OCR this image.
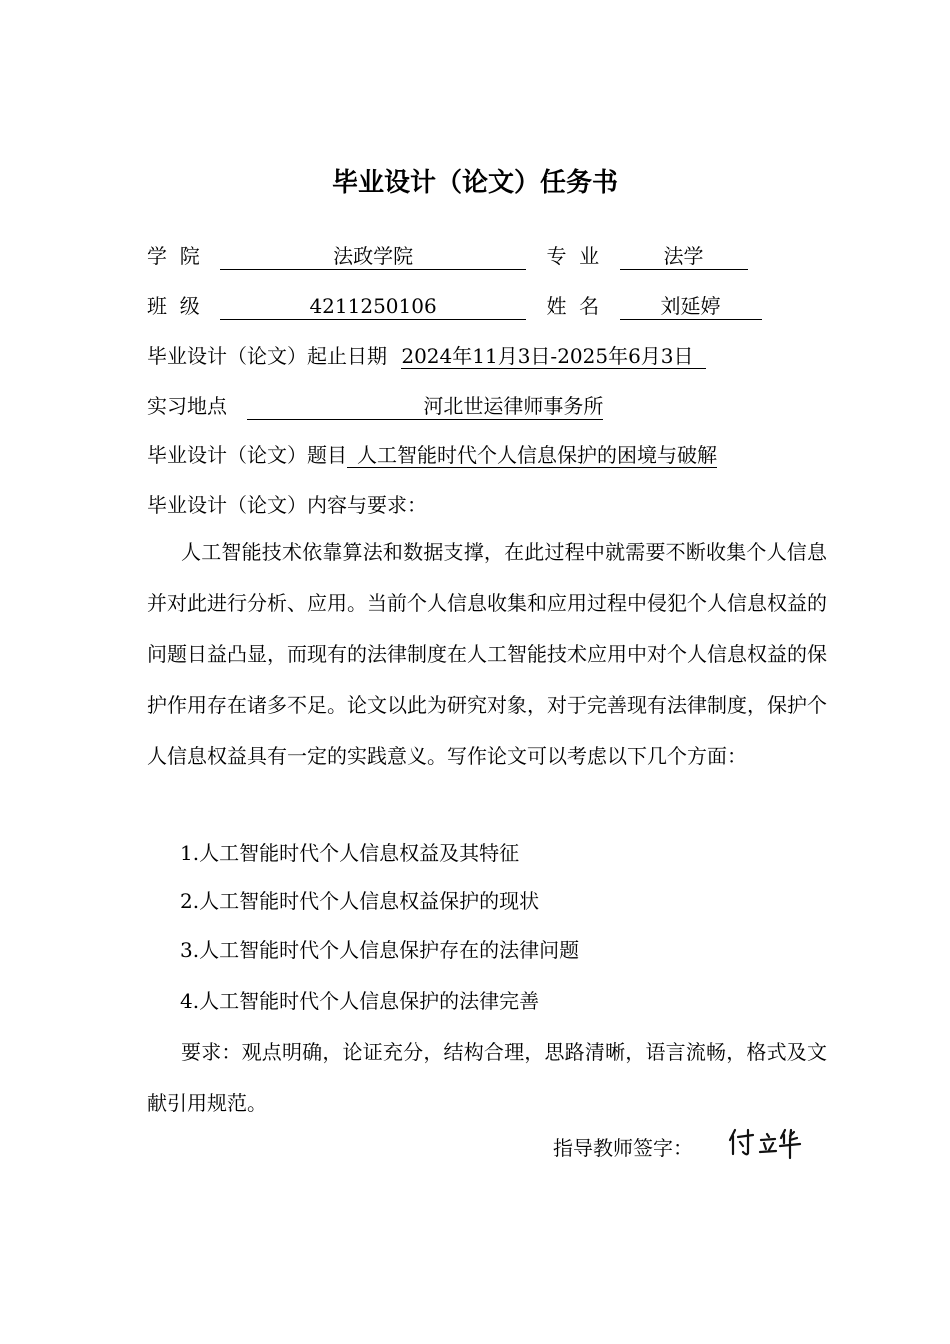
毕业设计（论文）任务书
学  院	法政学院	专  业	法学
班  级	4211250106	姓  名	刘延婷
毕业设计（论文）起止日期 2024年11月3日-2025年6月3日
实习地点	河北世运律师事务所
毕业设计（论文）题目 人工智能时代个人信息保护的困境与破解
毕业设计（论文）内容与要求：
人工智能技术依靠算法和数据支撑，在此过程中就需要不断收集个人信息并对此进行分析、应用。当前个人信息收集和应用过程中侵犯个人信息权益的问题日益凸显，而现有的法律制度在人工智能技术应用中对个人信息权益的保护作用存在诸多不足。论文以此为研究对象，对于完善现有法律制度，保护个人信息权益具有一定的实践意义。写作论文可以考虑以下几个方面：
1.人工智能时代个人信息权益及其特征
2.人工智能时代个人信息权益保护的现状
3.人工智能时代个人信息保护存在的法律问题
4.人工智能时代个人信息保护的法律完善
要求：观点明确，论证充分，结构合理，思路清晰，语言流畅，格式及文献引用规范。
指导教师签字：
